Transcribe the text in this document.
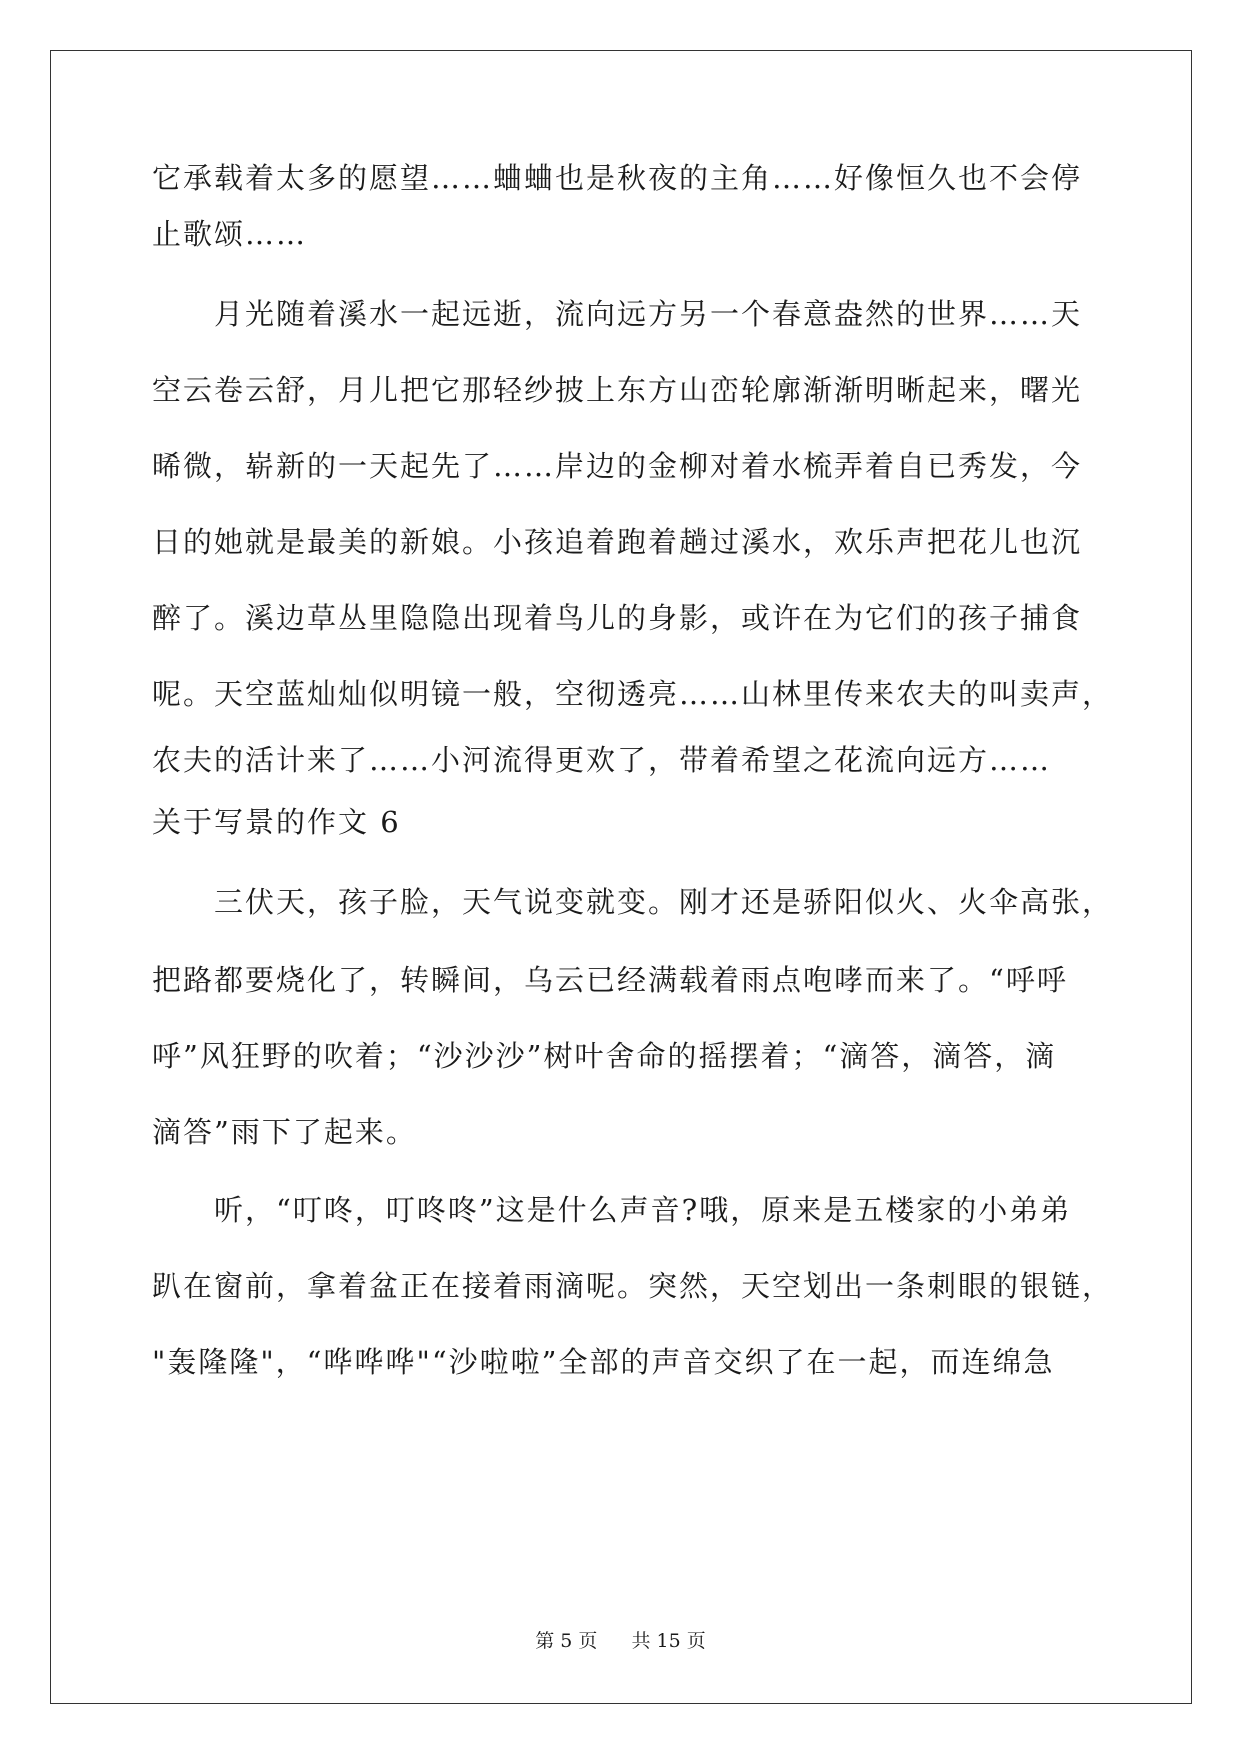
它承载着太多的愿望……蛐蛐也是秋夜的主角……好像恒久也不会停
止歌颂……
月光随着溪水一起远逝，流向远方另一个春意盎然的世界……天
空云卷云舒，月儿把它那轻纱披上东方山峦轮廓渐渐明晰起来，曙光
晞微，崭新的一天起先了……岸边的金柳对着水梳弄着自已秀发，今
日的她就是最美的新娘。小孩追着跑着趟过溪水，欢乐声把花儿也沉
醉了。溪边草丛里隐隐出现着鸟儿的身影，或许在为它们的孩子捕食
呢。天空蓝灿灿似明镜一般，空彻透亮……山林里传来农夫的叫卖声，
农夫的活计来了……小河流得更欢了，带着希望之花流向远方……
关于写景的作文 6
三伏天，孩子脸，天气说变就变。刚才还是骄阳似火、火伞高张，
把路都要烧化了，转瞬间，乌云已经满载着雨点咆哮而来了。“呼呼
呼”风狂野的吹着；“沙沙沙”树叶舍命的摇摆着；“滴答，滴答，滴
滴答”雨下了起来。
听，“叮咚，叮咚咚”这是什么声音?哦，原来是五楼家的小弟弟
趴在窗前，拿着盆正在接着雨滴呢。突然，天空划出一条刺眼的银链，
"轰隆隆"，“哗哗哗"“沙啦啦”全部的声音交织了在一起，而连绵急
第 5 页 共 15 页
